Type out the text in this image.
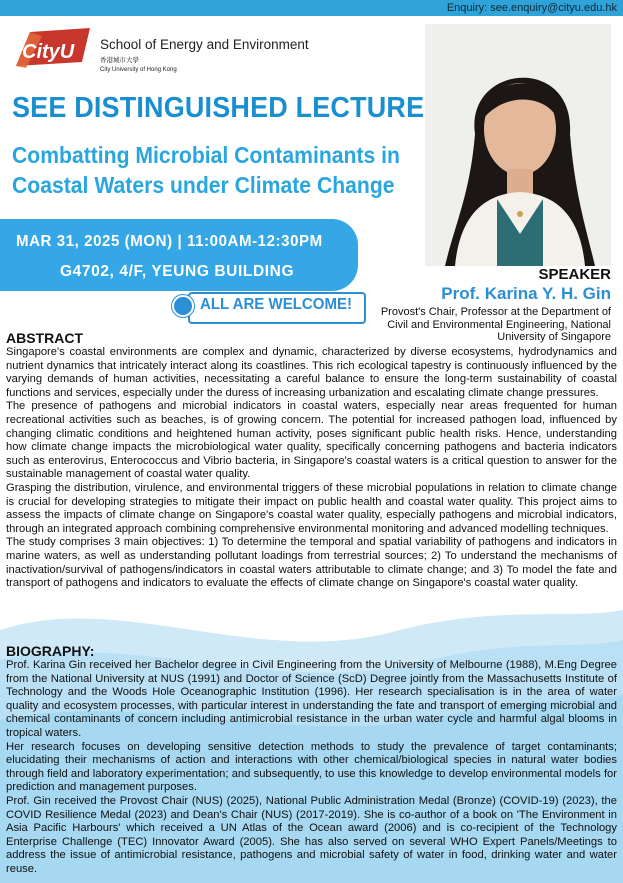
Enquiry: see.enquiry@cityu.edu.hk
CityU School of Energy and Environment
香港城市大學
City University of Hong Kong
SEE DISTINGUISHED LECTURE
Combatting Microbial Contaminants in Coastal Waters under Climate Change
MAR 31, 2025 (MON) | 11:00AM-12:30PM
G4702, 4/F, YEUNG BUILDING
ALL ARE WELCOME!
SPEAKER
Prof. Karina Y. H. Gin
Provost's Chair, Professor at the Department of Civil and Environmental Engineering, National University of Singapore
ABSTRACT

Singapore's coastal environments are complex and dynamic, characterized by diverse ecosystems, hydrodynamics and nutrient dynamics that intricately interact along its coastlines. This rich ecological tapestry is continuously influenced by the varying demands of human activities, necessitating a careful balance to ensure the long-term sustainability of coastal functions and services, especially under the duress of increasing urbanization and escalating climate change pressures.

The presence of pathogens and microbial indicators in coastal waters, especially near areas frequented for human recreational activities such as beaches, is of growing concern. The potential for increased pathogen load, influenced by changing climatic conditions and heightened human activity, poses significant public health risks. Hence, understanding how climate change impacts the microbiological water quality, specifically concerning pathogens and bacteria indicators such as enterovirus, Enterococcus and Vibrio bacteria, in Singapore's coastal waters is a critical question to answer for the sustainable management of coastal water quality.

Grasping the distribution, virulence, and environmental triggers of these microbial populations in relation to climate change is crucial for developing strategies to mitigate their impact on public health and coastal water quality. This project aims to assess the impacts of climate change on Singapore's coastal water quality, especially pathogens and microbial indicators, through an integrated approach combining comprehensive environmental monitoring and advanced modelling techniques.

The study comprises 3 main objectives: 1) To determine the temporal and spatial variability of pathogens and indicators in marine waters, as well as understanding pollutant loadings from terrestrial sources; 2) To understand the mechanisms of inactivation/survival of pathogens/indicators in coastal waters attributable to climate change; and 3) To model the fate and transport of pathogens and indicators to evaluate the effects of climate change on Singapore's coastal water quality.

BIOGRAPHY:

Prof. Karina Gin received her Bachelor degree in Civil Engineering from the University of Melbourne (1988), M.Eng Degree from the National University at NUS (1991) and Doctor of Science (ScD) Degree jointly from the Massachusetts Institute of Technology and the Woods Hole Oceanographic Institution (1996). Her research specialisation is in the area of water quality and ecosystem processes, with particular interest in understanding the fate and transport of emerging microbial and chemical contaminants of concern including antimicrobial resistance in the urban water cycle and harmful algal blooms in tropical waters.

Her research focuses on developing sensitive detection methods to study the prevalence of target contaminants; elucidating their mechanisms of action and interactions with other chemical/biological species in natural water bodies through field and laboratory experimentation; and subsequently, to use this knowledge to develop environmental models for prediction and management purposes.

Prof. Gin received the Provost Chair (NUS) (2025), National Public Administration Medal (Bronze) (COVID-19) (2023), the COVID Resilience Medal (2023) and Dean's Chair (NUS) (2017-2019). She is co-author of a book on 'The Environment in Asia Pacific Harbours' which received a UN Atlas of the Ocean award (2006) and is co-recipient of the Technology Enterprise Challenge (TEC) Innovator Award (2005). She has also served on several WHO Expert Panels/Meetings to address the issue of antimicrobial resistance, pathogens and microbial safety of water in food, drinking water and water reuse.
